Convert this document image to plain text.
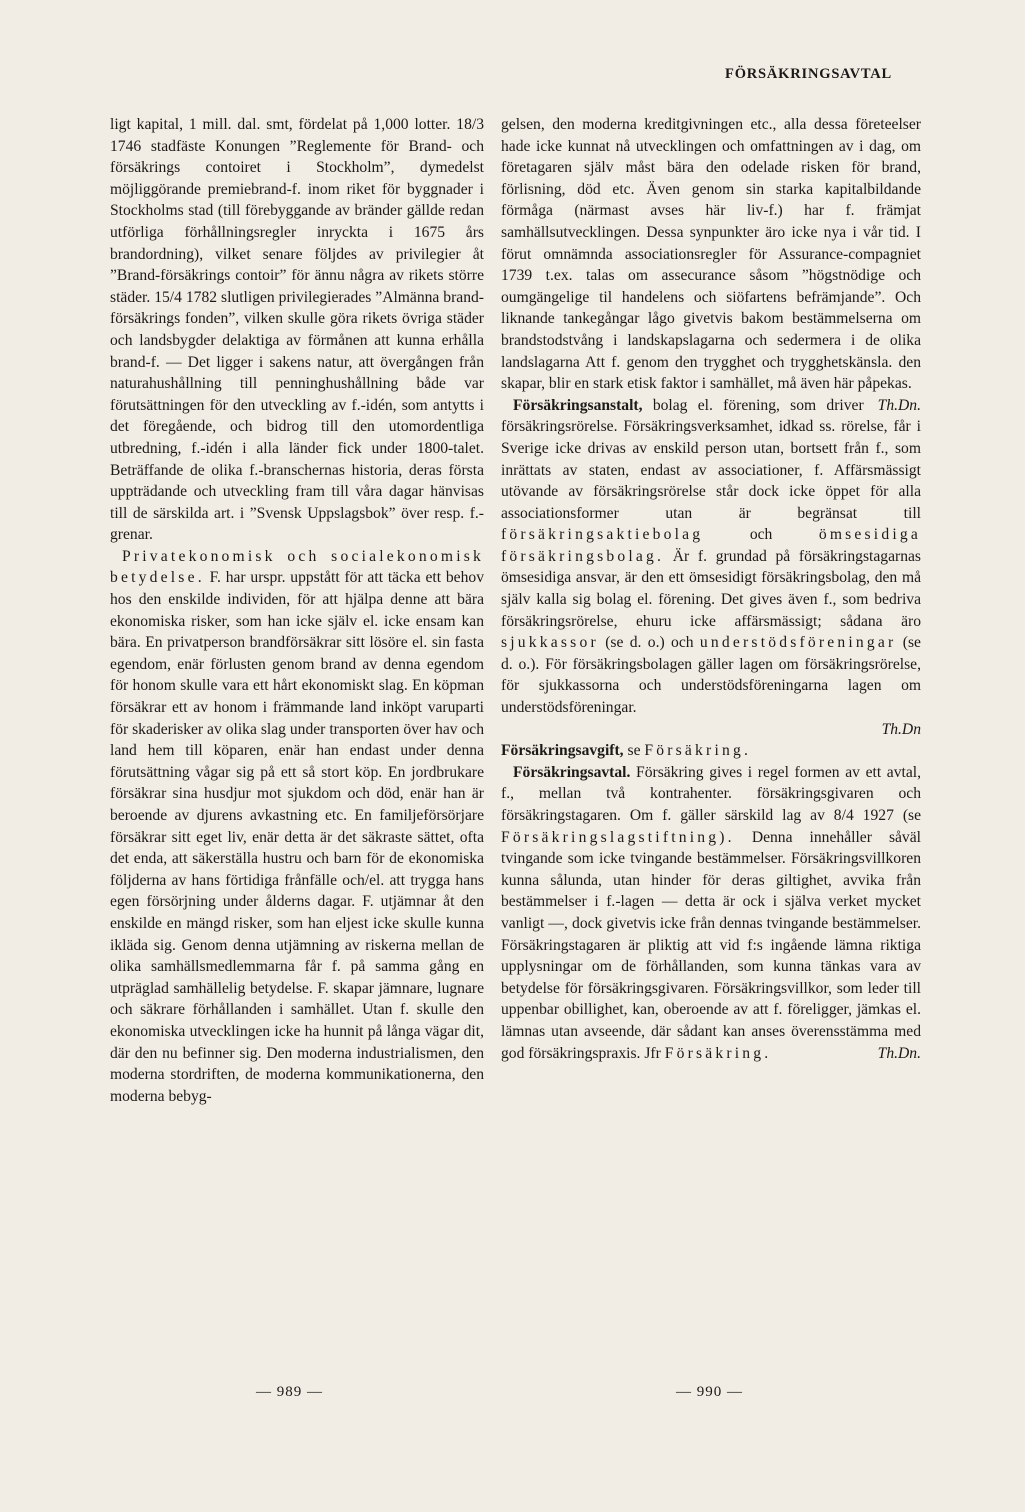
FÖRSÄKRINGSAVTAL

ligt kapital, 1 mill. dal. smt, fördelat på 1,000 lotter. 18/3 1746 stadfäste Konungen ”Reglemente för Brand- och försäkrings contoiret i Stockholm”, dymedelst möjliggörande premiebrand-f. inom riket för byggnader i Stockholms stad (till förebyggande av bränder gällde redan utförliga förhållningsregler inryckta i 1675 års brandordning), vilket senare följdes av privilegier åt ”Brand-försäkrings contoir” för ännu några av rikets större städer. 15/4 1782 slutligen privilegierades ”Almänna brand-försäkrings fonden”, vilken skulle göra rikets övriga städer och landsbygder delaktiga av förmånen att kunna erhålla brand-f. — Det ligger i sakens natur, att övergången från naturahushållning till penninghushållning både var förutsättningen för den utveckling av f.-idén, som antytts i det föregående, och bidrog till den utomordentliga utbredning, f.-idén i alla länder fick under 1800-talet. Beträffande de olika f.-branschernas historia, deras första uppträdande och utveckling fram till våra dagar hänvisas till de särskilda art. i ”Svensk Uppslagsbok” över resp. f.-grenar.

Privatekonomisk och socialekonomisk betydelse. F. har urspr. uppstått för att täcka ett behov hos den enskilde individen, för att hjälpa denne att bära ekonomiska risker, som han icke själv el. icke ensam kan bära. En privatperson brandförsäkrar sitt lösöre el. sin fasta egendom, enär förlusten genom brand av denna egendom för honom skulle vara ett hårt ekonomiskt slag. En köpman försäkrar ett av honom i främmande land inköpt varuparti för skaderisker av olika slag under transporten över hav och land hem till köparen, enär han endast under denna förutsättning vågar sig på ett så stort köp. En jordbrukare försäkrar sina husdjur mot sjukdom och död, enär han är beroende av djurens avkastning etc. En familjeförsörjare försäkrar sitt eget liv, enär detta är det säkraste sättet, ofta det enda, att säkerställa hustru och barn för de ekonomiska följderna av hans förtidiga frånfälle och/el. att trygga hans egen försörjning under ålderns dagar. F. utjämnar åt den enskilde en mängd risker, som han eljest icke skulle kunna ikläda sig. Genom denna utjämning av riskerna mellan de olika samhällsmedlemmarna får f. på samma gång en utpräglad samhällelig betydelse. F. skapar jämnare, lugnare och säkrare förhållanden i samhället. Utan f. skulle den ekonomiska utvecklingen icke ha hunnit på långa vägar dit, där den nu befinner sig. Den moderna industrialismen, den moderna stordriften, de moderna kommunikationerna, den moderna bebyg-

gelsen, den moderna kreditgivningen etc., alla dessa företeelser hade icke kunnat nå utvecklingen och omfattningen av i dag, om företagaren själv måst bära den odelade risken för brand, förlisning, död etc. Även genom sin starka kapitalbildande förmåga (närmast avses här liv-f.) har f. främjat samhällsutvecklingen. Dessa synpunkter äro icke nya i vår tid. I förut omnämnda associationsregler för Assurance-compagniet 1739 t.ex. talas om assecurance såsom ”högstnödige och oumgängelige til handelens och siöfartens befrämjande”. Och liknande tankegångar lågo givetvis bakom bestämmelserna om brandstodstvång i landskapslagarna och sedermera i de olika landslagarna Att f. genom den trygghet och trygghetskänsla. den skapar, blir en stark etisk faktor i samhället, må även här påpekas.
Th.Dn.

Försäkringsanstalt, bolag el. förening, som driver försäkringsrörelse. Försäkringsverksamhet, idkad ss. rörelse, får i Sverige icke drivas av enskild person utan, bortsett från f., som inrättats av staten, endast av associationer, f. Affärsmässigt utövande av försäkringsrörelse står dock icke öppet för alla associationsformer utan är begränsat till försäkringsaktiebolag	och	ömsesidiga försäkringsbolag. Är f. grundad på försäkringstagarnas ömsesidiga ansvar, är den ett ömsesidigt försäkringsbolag, den må själv kalla sig bolag el. förening. Det gives även f., som bedriva försäkringsrörelse, ehuru icke affärsmässigt; sådana äro sjukkassor (se d. o.) och understödsföreningar (se d. o.). För försäkringsbolagen gäller lagen om försäkringsrörelse, för sjukkassorna och understödsföreningarna lagen om understödsföreningar.

Th.Dn

Försäkringsavgift, se Försäkring.

Försäkringsavtal. Försäkring gives i regel formen av ett avtal, f., mellan två kontrahenter. försäkringsgivaren och försäkringstagaren. Om f. gäller särskild lag av 8/4 1927 (se Försäkringslagstiftning). Denna innehåller såväl tvingande som icke tvingande bestämmelser. Försäkringsvillkoren kunna sålunda, utan hinder för deras giltighet, avvika från bestämmelser i f.-lagen — detta är ock i själva verket mycket vanligt —, dock givetvis icke från dennas tvingande bestämmelser. Försäkringstagaren är pliktig att vid f:s ingående lämna riktiga upplysningar om de förhållanden, som kunna tänkas vara av betydelse för försäkringsgivaren. Försäkringsvillkor, som leder till uppenbar obillighet, kan, oberoende av att f. föreligger, jämkas el. lämnas utan avseende, där sådant kan anses överensstämma med god försäkringspraxis. Jfr Försäkring.	Th.Dn.

— 989 —	— 990 —
